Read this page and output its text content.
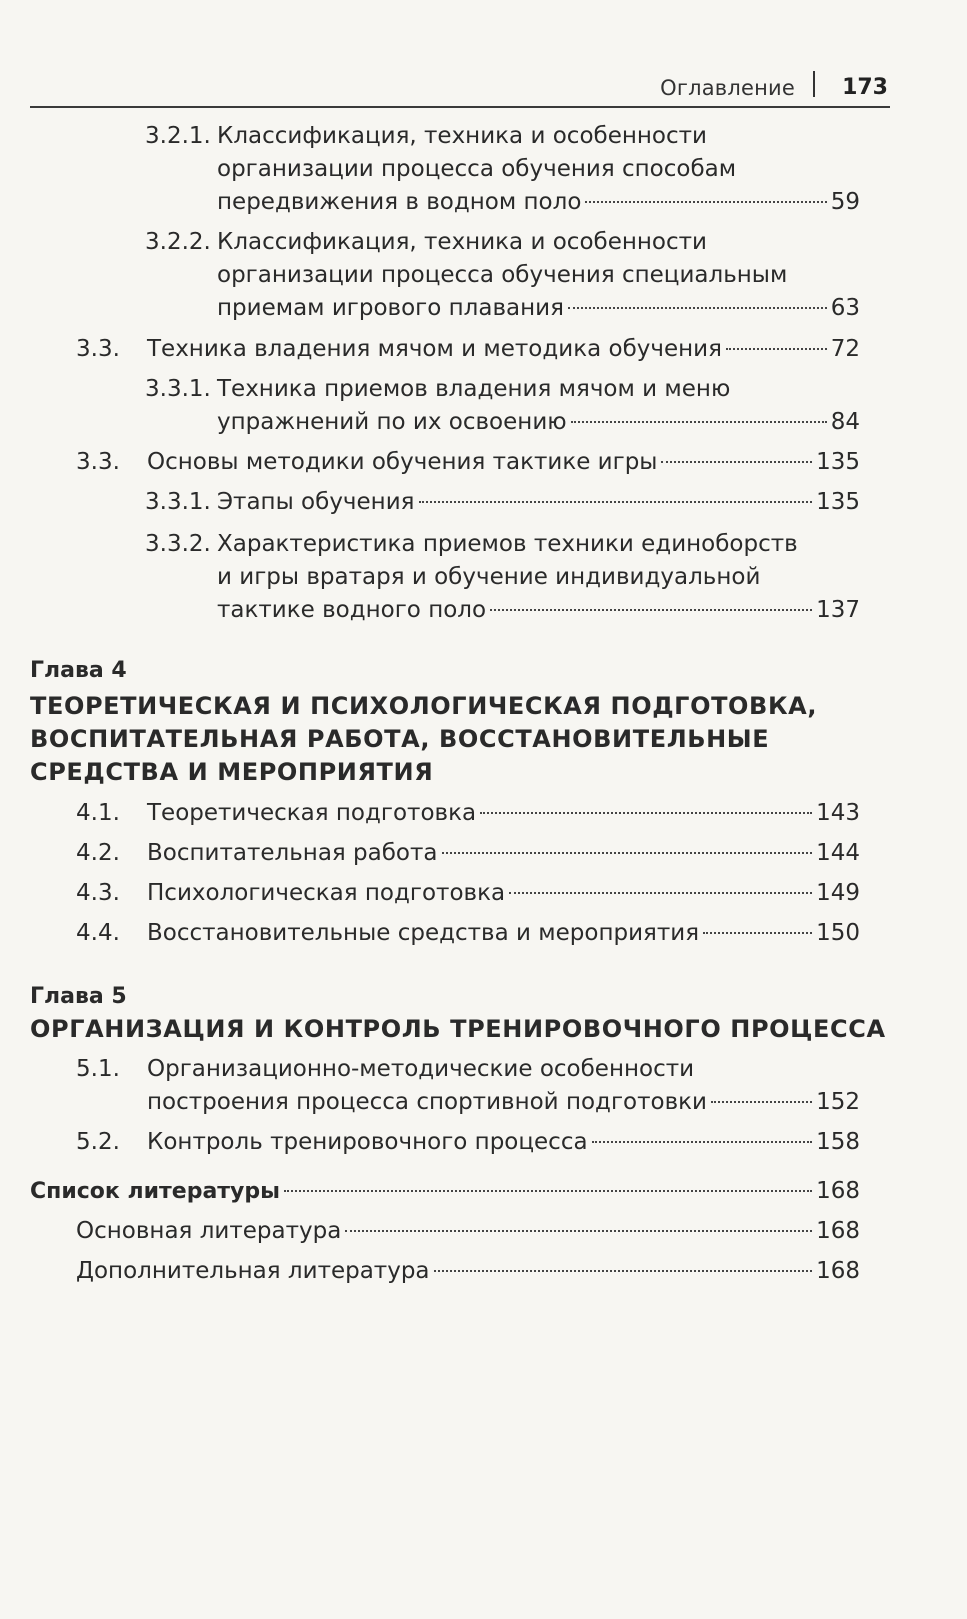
Оглавление 173
3.2.1. Классификация, техника и особенности
организации процесса обучения способам
передвижения в водном поло	59
3.2.2. Классификация, техника и особенности
организации процесса обучения специальным
приемам игрового плавания	63
3.3. Техника владения мячом и методика обучения	72
3.3.1. Техника приемов владения мячом и меню
упражнений по их освоению	84
3.3. Основы методики обучения тактике игры	135
3.3.1. Этапы обучения	135
3.3.2. Характеристика приемов техники единоборств
и игры вратаря и обучение индивидуальной
тактике водного поло	137
Глава 4
ТЕОРЕТИЧЕСКАЯ И ПСИХОЛОГИЧЕСКАЯ ПОДГОТОВКА,
ВОСПИТАТЕЛЬНАЯ РАБОТА, ВОССТАНОВИТЕЛЬНЫЕ
СРЕДСТВА И МЕРОПРИЯТИЯ
4.1. Теоретическая подготовка	143
4.2. Воспитательная работа	144
4.3. Психологическая подготовка	149
4.4. Восстановительные средства и мероприятия	150
Глава 5
ОРГАНИЗАЦИЯ И КОНТРОЛЬ ТРЕНИРОВОЧНОГО ПРОЦЕССА
5.1. Организационно-методические особенности
построения процесса спортивной подготовки	152
5.2. Контроль тренировочного процесса	158
Список литературы	168
Основная литература	168
Дополнительная литература	168
